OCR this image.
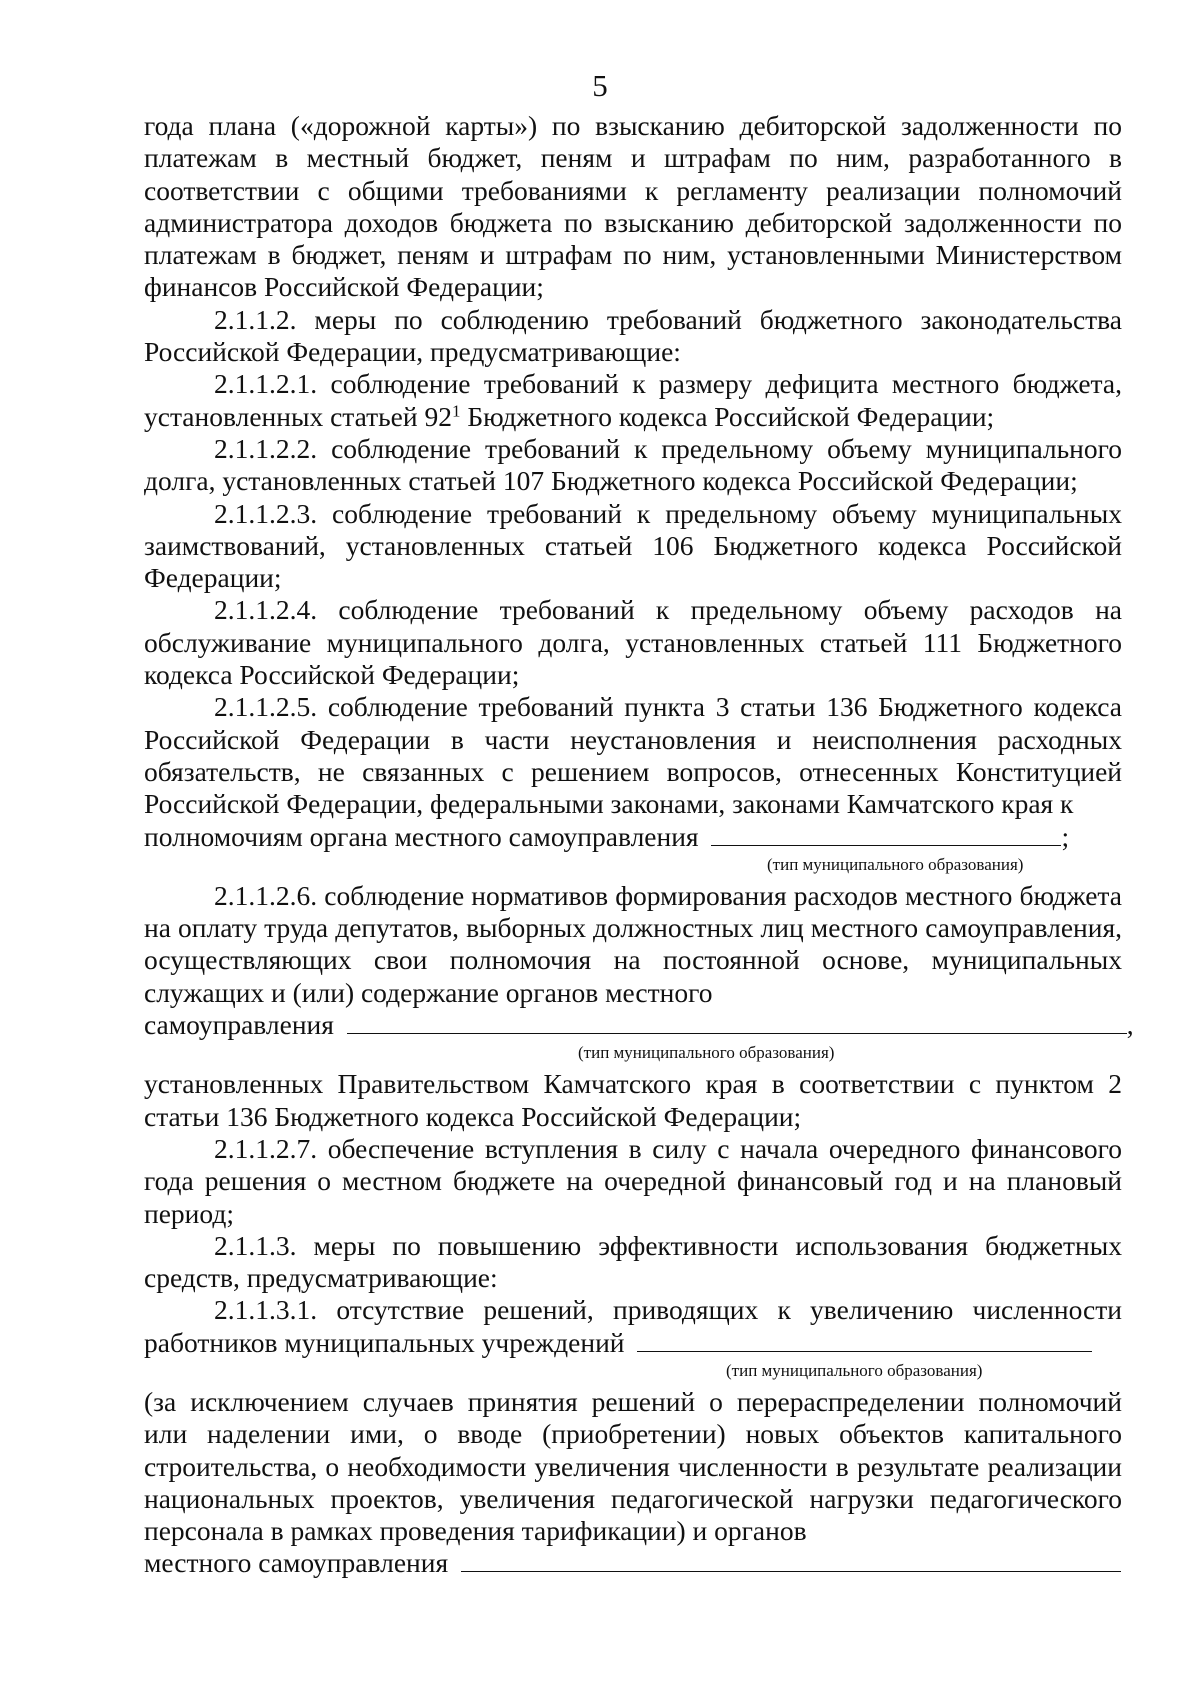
5

года плана («дорожной карты») по взысканию дебиторской задолженности по платежам в местный бюджет, пеням и штрафам по ним, разработанного в соответствии с общими требованиями к регламенту реализации полномочий администратора доходов бюджета по взысканию дебиторской задолженности по платежам в бюджет, пеням и штрафам по ним, установленными Министерством финансов Российской Федерации;

2.1.1.2. меры по соблюдению требований бюджетного законодательства Российской Федерации, предусматривающие:

2.1.1.2.1. соблюдение требований к размеру дефицита местного бюджета, установленных статьей $92^1$ Бюджетного кодекса Российской Федерации;

2.1.1.2.2. соблюдение требований к предельному объему муниципального долга, установленных статьей 107 Бюджетного кодекса Российской Федерации;

2.1.1.2.3. соблюдение требований к предельному объему муниципальных заимствований, установленных статьей 106 Бюджетного кодекса Российской Федерации;

2.1.1.2.4. соблюдение требований к предельному объему расходов на обслуживание муниципального долга, установленных статьей 111 Бюджетного кодекса Российской Федерации;

2.1.1.2.5. соблюдение требований пункта 3 статьи 136 Бюджетного кодекса Российской Федерации в части неустановления и неисполнения расходных обязательств, не связанных с решением вопросов, отнесенных Конституцией Российской Федерации, федеральными законами, законами Камчатского края к

полномочиям органа местного самоуправления	;
(тип муниципального образования)

2.1.1.2.6. соблюдение нормативов формирования расходов местного бюджета на оплату труда депутатов, выборных должностных лиц местного самоуправления, осуществляющих свои полномочия на постоянной основе, муниципальных служащих и (или) содержание органов местного

самоуправления	,
(тип муниципального образования)

установленных Правительством Камчатского края в соответствии с пунктом 2 статьи 136 Бюджетного кодекса Российской Федерации;

2.1.1.2.7. обеспечение вступления в силу с начала очередного финансового года решения о местном бюджете на очередной финансовый год и на плановый период;

2.1.1.3. меры по повышению эффективности использования бюджетных средств, предусматривающие:

2.1.1.3.1. отсутствие решений, приводящих к увеличению численности

работников муниципальных учреждений
(тип муниципального образования)

(за исключением случаев принятия решений о перераспределении полномочий или наделении ими, о вводе (приобретении) новых объектов капитального строительства, о необходимости увеличения численности в результате реализации национальных проектов, увеличения педагогической нагрузки педагогического персонала в рамках проведения тарификации) и органов

местного самоуправления
